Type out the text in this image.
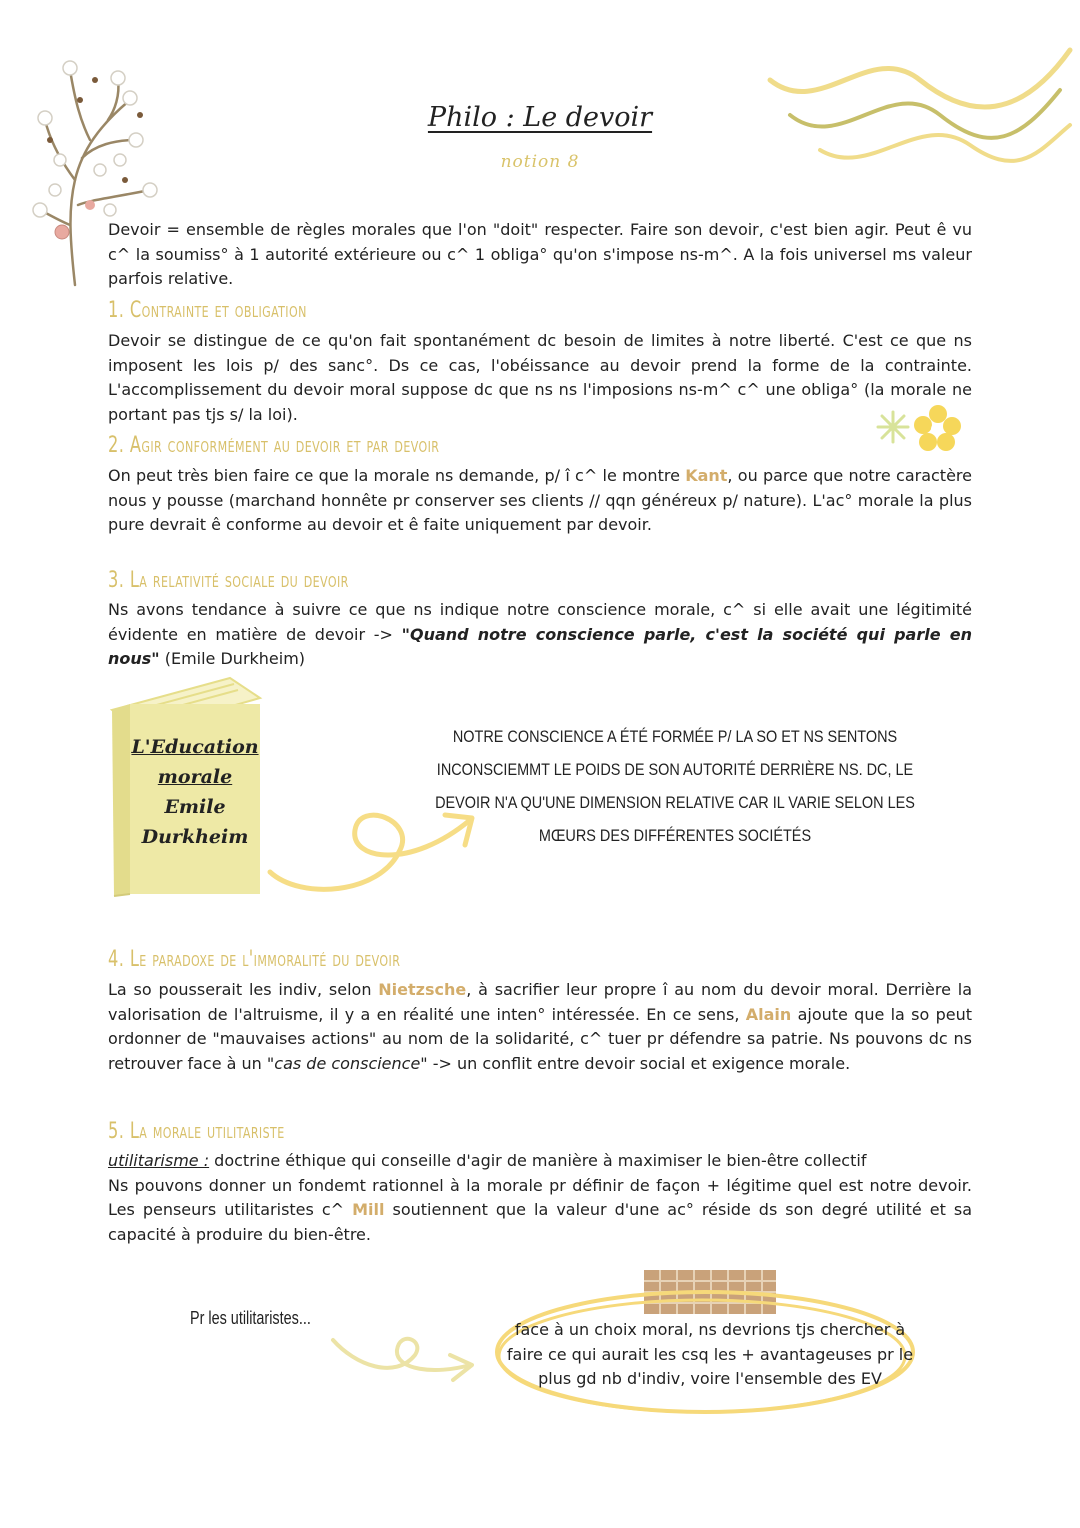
Philo : Le devoir
notion 8
Devoir = ensemble de règles morales que l'on "doit" respecter. Faire son devoir, c'est bien agir. Peut ê vu c^ la soumiss° à 1 autorité extérieure ou c^ 1 obliga° qu'on s'impose ns-m^. A la fois universel ms valeur parfois relative.
1. Contrainte et obligation
Devoir se distingue de ce qu'on fait spontanément dc besoin de limites à notre liberté. C'est ce que ns imposent les lois p/ des sanc°. Ds ce cas, l'obéissance au devoir prend la forme de la contrainte. L'accomplissement du devoir moral suppose dc que ns ns l'imposions ns-m^ c^ une obliga° (la morale ne portant pas tjs s/ la loi).
2. Agir conformément au devoir et par devoir
On peut très bien faire ce que la morale ns demande, p/ î c^ le montre Kant, ou parce que notre caractère nous y pousse (marchand honnête pr conserver ses clients // qqn généreux p/ nature). L'ac° morale la plus pure devrait ê conforme au devoir et ê faite uniquement par devoir.
3. La relativité sociale du devoir
Ns avons tendance à suivre ce que ns indique notre conscience morale, c^ si elle avait une légitimité évidente en matière de devoir -> "Quand notre conscience parle, c'est la société qui parle en nous" (Emile Durkheim)
L'Education
morale
Emile
Durkheim
NOTRE CONSCIENCE A ÉTÉ FORMÉE P/ LA SO ET NS SENTONS INCONSCIEMMT LE POIDS DE SON AUTORITÉ DERRIÈRE NS. DC, LE DEVOIR N'A QU'UNE DIMENSION RELATIVE CAR IL VARIE SELON LES MŒURS DES DIFFÉRENTES SOCIÉTÉS
4. Le paradoxe de l'immoralité du devoir
La so pousserait les indiv, selon Nietzsche, à sacrifier leur propre î au nom du devoir moral. Derrière la valorisation de l'altruisme, il y a en réalité une inten° intéressée. En ce sens, Alain ajoute que la so peut ordonner de "mauvaises actions" au nom de la solidarité, c^ tuer pr défendre sa patrie. Ns pouvons dc ns retrouver face à un "cas de conscience" -> un conflit entre devoir social et exigence morale.
5. La morale utilitariste
utilitarisme : doctrine éthique qui conseille d'agir de manière à maximiser le bien-être collectif
Ns pouvons donner un fondemt rationnel à la morale pr définir de façon + légitime quel est notre devoir. Les penseurs utilitaristes c^ Mill soutiennent que la valeur d'une ac° réside ds son degré utilité et sa capacité à produire du bien-être.
Pr les utilitaristes...
face à un choix moral, ns devrions tjs chercher à faire ce qui aurait les csq les + avantageuses pr le plus gd nb d'indiv, voire l'ensemble des EV
